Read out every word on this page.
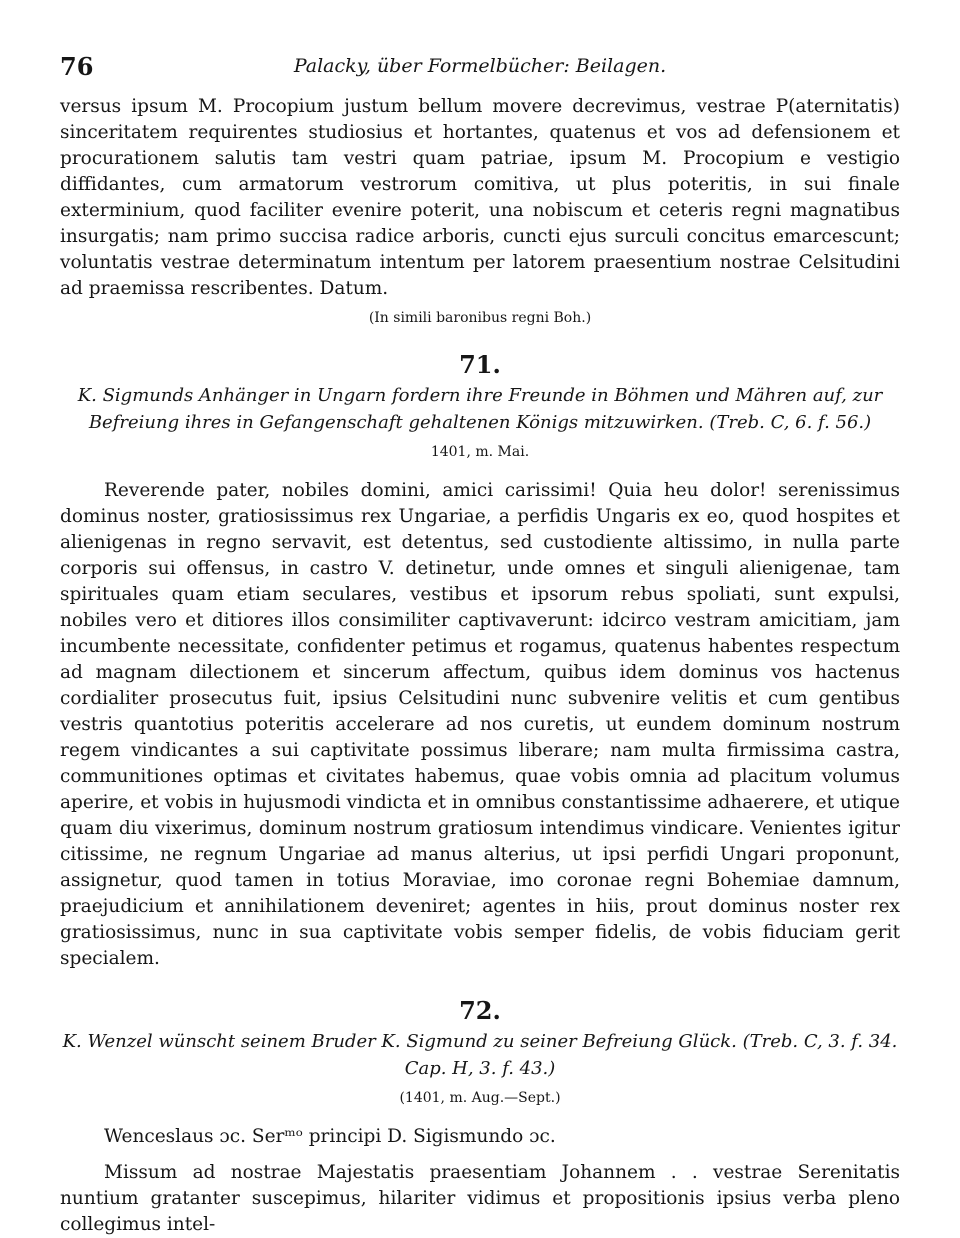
76	Palacky, über Formelbücher: Beilagen.

versus ipsum M. Procopium justum bellum movere decrevimus, vestrae P(aternitatis) sinceritatem requirentes studiosius et hortantes, quatenus et vos ad defensionem et procurationem salutis tam vestri quam patriae, ipsum M. Procopium e vestigio diffidantes, cum armatorum vestrorum comitiva, ut plus poteritis, in sui finale exterminium, quod faciliter evenire poterit, una nobiscum et ceteris regni magnatibus insurgatis; nam primo succisa radice arboris, cuncti ejus surculi concitus emarcescunt; voluntatis vestrae determinatum intentum per latorem praesentium nostrae Celsitudini ad praemissa rescribentes. Datum.

(In simili baronibus regni Boh.)

71.

K. Sigmunds Anhänger in Ungarn fordern ihre Freunde in Böhmen und Mähren auf, zur Befreiung ihres in Gefangenschaft gehaltenen Königs mitzuwirken. (Treb. C, 6. f. 56.)

1401, m. Mai.

Reverende pater, nobiles domini, amici carissimi! Quia heu dolor! serenissimus dominus noster, gratiosissimus rex Ungariae, a perfidis Ungaris ex eo, quod hospites et alienigenas in regno servavit, est detentus, sed custodiente altissimo, in nulla parte corporis sui offensus, in castro V. detinetur, unde omnes et singuli alienigenae, tam spirituales quam etiam seculares, vestibus et ipsorum rebus spoliati, sunt expulsi, nobiles vero et ditiores illos consimiliter captivaverunt: idcirco vestram amicitiam, jam incumbente necessitate, confidenter petimus et rogamus, quatenus habentes respectum ad magnam dilectionem et sincerum affectum, quibus idem dominus vos hactenus cordialiter prosecutus fuit, ipsius Celsitudini nunc subvenire velitis et cum gentibus vestris quantotius poteritis accelerare ad nos curetis, ut eundem dominum nostrum regem vindicantes a sui captivitate possimus liberare; nam multa firmissima castra, communitiones optimas et civitates habemus, quae vobis omnia ad placitum volumus aperire, et vobis in hujusmodi vindicta et in omnibus constantissime adhaerere, et utique quam diu vixerimus, dominum nostrum gratiosum intendimus vindicare. Venientes igitur citissime, ne regnum Ungariae ad manus alterius, ut ipsi perfidi Ungari proponunt, assignetur, quod tamen in totius Moraviae, imo coronae regni Bohemiae damnum, praejudicium et annihilationem deveniret; agentes in hiis, prout dominus noster rex gratiosissimus, nunc in sua captivitate vobis semper fidelis, de vobis fiduciam gerit specialem.

72.

K. Wenzel wünscht seinem Bruder K. Sigmund zu seiner Befreiung Glück. (Treb. C, 3. f. 34. Cap. H, 3. f. 43.)

(1401, m. Aug.—Sept.)

Wenceslaus ɔc. Serᵐᵒ principi D. Sigismundo ɔc.

Missum ad nostrae Majestatis praesentiam Johannem . . vestrae Serenitatis nuntium gratanter suscepimus, hilariter vidimus et propositionis ipsius verba pleno collegimus intel-
